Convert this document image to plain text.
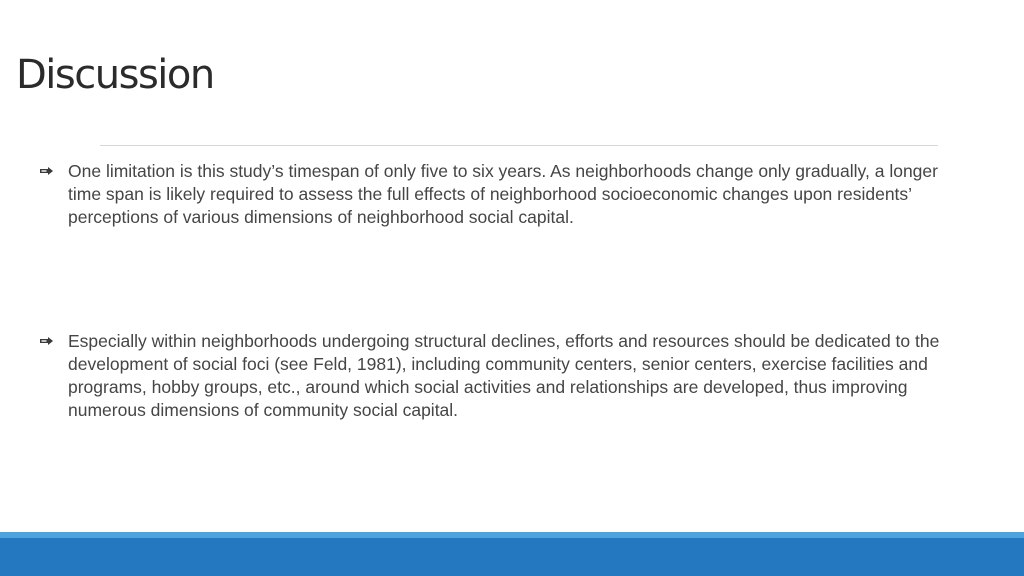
Discussion
One limitation is this study’s timespan of only five to six years. As neighborhoods change only gradually, a longer time span is likely required to assess the full effects of neighborhood socioeconomic changes upon residents’ perceptions of various dimensions of neighborhood social capital.
Especially within neighborhoods undergoing structural declines, efforts and resources should be dedicated to the development of social foci (see Feld, 1981), including community centers, senior centers, exercise facilities and programs, hobby groups, etc., around which social activities and relationships are developed, thus improving numerous dimensions of community social capital.
